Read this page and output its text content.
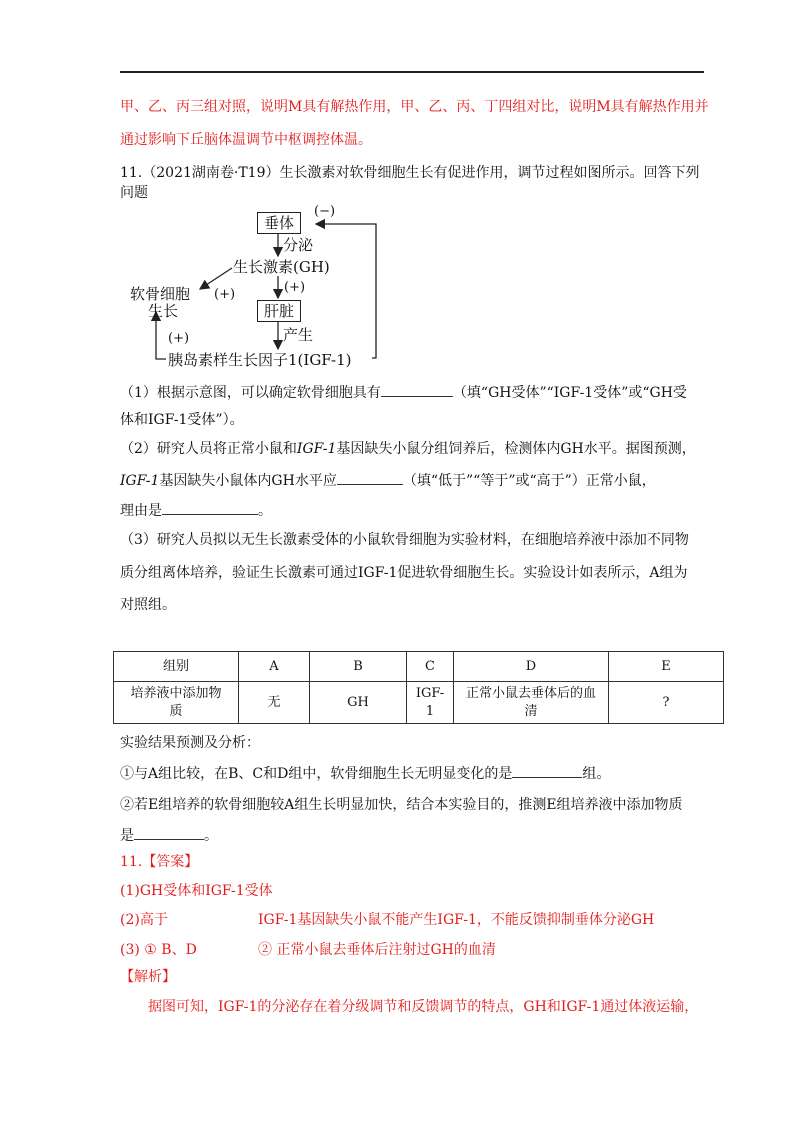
甲、乙、丙三组对照，说明M具有解热作用，甲、乙、丙、丁四组对比，说明M具有解热作用并
通过影响下丘脑体温调节中枢调控体温。
11.（2021湖南卷·T19）生长激素对软骨细胞生长有促进作用，调节过程如图所示。回答下列
问题
垂体
分泌
(−)
生长激素(GH)
(+)	(+)
软骨细胞
生长	肝脏
(+)	产生
胰岛素样生长因子1(IGF-1)
（1）根据示意图，可以确定软骨细胞具有	（填“GH受体”“IGF-1受体”或“GH受
体和IGF-1受体”）。
（2）研究人员将正常小鼠和IGF-1基因缺失小鼠分组饲养后，检测体内GH水平。据图预测，
IGF-1基因缺失小鼠体内GH水平应	（填“低于”“等于”或“高于”）正常小鼠，
理由是	。
（3）研究人员拟以无生长激素受体的小鼠软骨细胞为实验材料，在细胞培养液中添加不同物
质分组离体培养，验证生长激素可通过IGF-1促进软骨细胞生长。实验设计如表所示，A组为
对照组。
组别	A	B	C	D	E
培养液中添加物
质	无	GH	IGF-
1	正常小鼠去垂体后的血
清	?
实验结果预测及分析：
①与A组比较，在B、C和D组中，软骨细胞生长无明显变化的是	组。
②若E组培养的软骨细胞较A组生长明显加快，结合本实验目的，推测E组培养液中添加物质
是	。
11.【答案】
(1)GH受体和IGF-1受体
(2)高于	IGF-1基因缺失小鼠不能产生IGF-1，不能反馈抑制垂体分泌GH
(3) ① B、D	② 正常小鼠去垂体后注射过GH的血清
【解析】
据图可知，IGF-1的分泌存在着分级调节和反馈调节的特点，GH和IGF-1通过体液运输，
